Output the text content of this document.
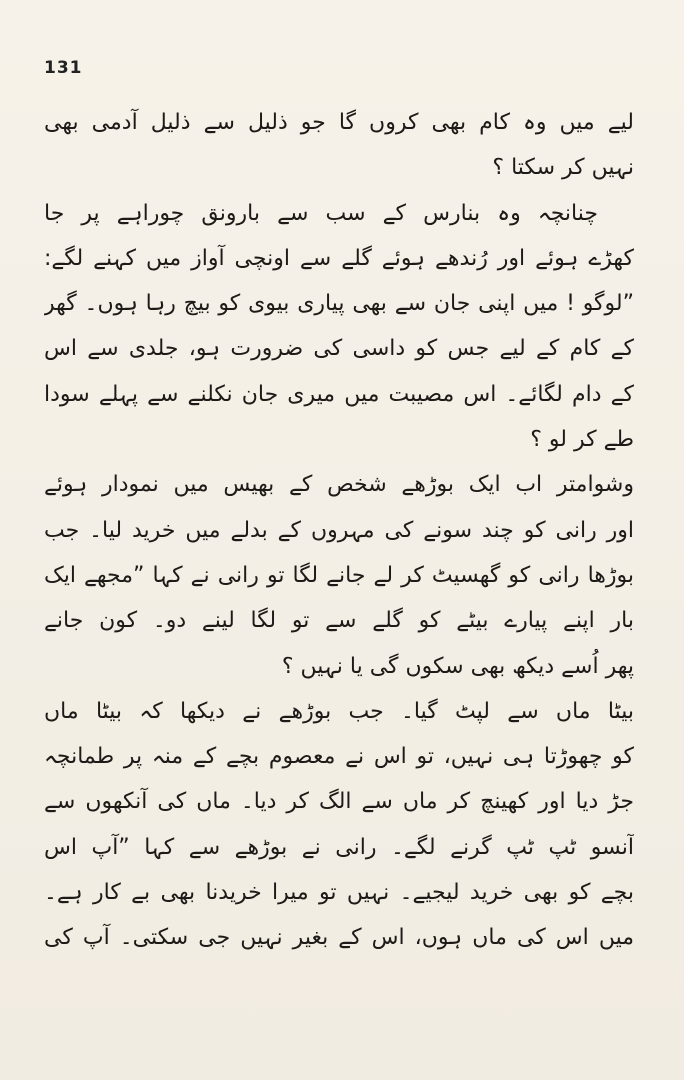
131
لیے میں وہ کام بھی کروں گا جو ذلیل سے ذلیل آدمی بھی
نہیں کر سکتا ؟
چنانچہ وہ بنارس کے سب سے بارونق چوراہے پر جا
کھڑے ہوئے اور رُندھے ہوئے گلے سے اونچی آواز میں کہنے لگے:
”لوگو ! میں اپنی جان سے بھی پیاری بیوی کو بیچ رہا ہوں۔ گھر
کے کام کے لیے جس کو داسی کی ضرورت ہو، جلدی سے اس
کے دام لگائے۔ اس مصیبت میں میری جان نکلنے سے پہلے سودا
طے کر لو ؟
وشوامتر اب ایک بوڑھے شخص کے بھیس میں نمودار ہوئے
اور رانی کو چند سونے کی مہروں کے بدلے میں خرید لیا۔ جب
بوڑھا رانی کو گھسیٹ کر لے جانے لگا تو رانی نے کہا ”مجھے ایک
بار اپنے پیارے بیٹے کو گلے سے تو لگا لینے دو۔ کون جانے
پھر اُسے دیکھ بھی سکوں گی یا نہیں ؟
بیٹا ماں سے لپٹ گیا۔ جب بوڑھے نے دیکھا کہ بیٹا ماں
کو چھوڑتا ہی نہیں، تو اس نے معصوم بچے کے منہ پر طمانچہ
جڑ دیا اور کھینچ کر ماں سے الگ کر دیا۔ ماں کی آنکھوں سے
آنسو ٹپ ٹپ گرنے لگے۔ رانی نے بوڑھے سے کہا ”آپ اس
بچے کو بھی خرید لیجیے۔ نہیں تو میرا خریدنا بھی بے کار ہے۔
میں اس کی ماں ہوں، اس کے بغیر نہیں جی سکتی۔ آپ کی
